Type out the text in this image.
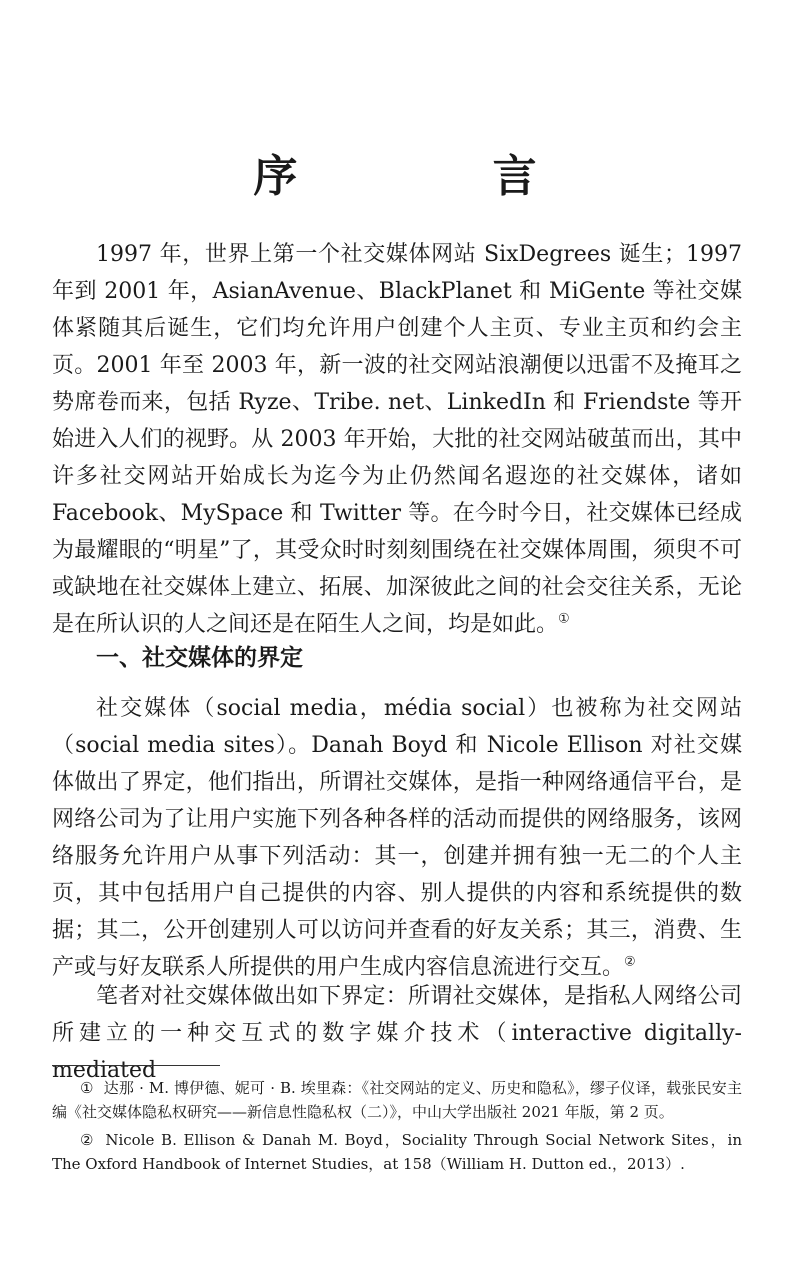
序 言

1997 年，世界上第一个社交媒体网站 SixDegrees 诞生；1997 年到 2001 年，AsianAvenue、BlackPlanet 和 MiGente 等社交媒体紧随其后诞生，它们均允许用户创建个人主页、专业主页和约会主页。2001 年至 2003 年，新一波的社交网站浪潮便以迅雷不及掩耳之势席卷而来，包括 Ryze、Tribe. net、LinkedIn 和 Friendste 等开始进入人们的视野。从 2003 年开始，大批的社交网站破茧而出，其中许多社交网站开始成长为迄今为止仍然闻名遐迩的社交媒体，诸如 Facebook、MySpace 和 Twitter 等。在今时今日，社交媒体已经成为最耀眼的“明星”了，其受众时时刻刻围绕在社交媒体周围，须臾不可或缺地在社交媒体上建立、拓展、加深彼此之间的社会交往关系，无论是在所认识的人之间还是在陌生人之间，均是如此。①

一、社交媒体的界定

社交媒体（social media，média social）也被称为社交网站（social media sites）。Danah Boyd 和 Nicole Ellison 对社交媒体做出了界定，他们指出，所谓社交媒体，是指一种网络通信平台，是网络公司为了让用户实施下列各种各样的活动而提供的网络服务，该网络服务允许用户从事下列活动：其一，创建并拥有独一无二的个人主页，其中包括用户自己提供的内容、别人提供的内容和系统提供的数据；其二，公开创建别人可以访问并查看的好友关系；其三，消费、生产或与好友联系人所提供的用户生成内容信息流进行交互。②

笔者对社交媒体做出如下界定：所谓社交媒体，是指私人网络公司所建立的一种交互式的数字媒介技术（interactive digitally-mediated

① 达那 · M. 博伊德、妮可 · B. 埃里森：《社交网站的定义、历史和隐私》，缪子仪译，载张民安主编《社交媒体隐私权研究——新信息性隐私权（二）》，中山大学出版社 2021 年版，第 2 页。

② Nicole B. Ellison & Danah M. Boyd，Sociality Through Social Network Sites，in The Oxford Handbook of Internet Studies，at 158（William H. Dutton ed.，2013）.
